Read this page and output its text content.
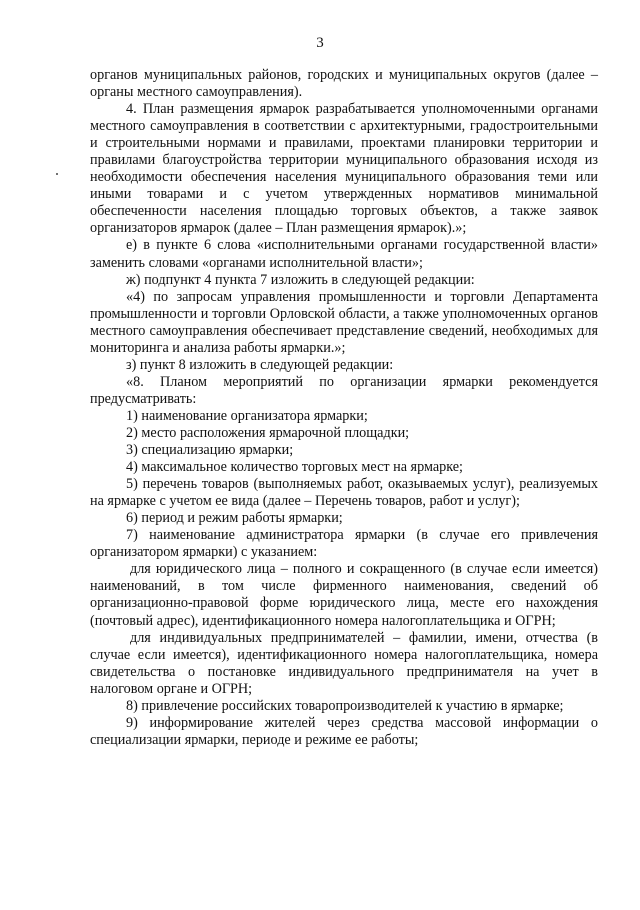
3

органов муниципальных районов, городских и муниципальных округов (далее – органы местного самоуправления).

4. План размещения ярмарок разрабатывается уполномоченными органами местного самоуправления в соответствии с архитектурными, градостроительными и строительными нормами и правилами, проектами планировки территории и правилами благоустройства территории муниципального образования исходя из необходимости обеспечения населения муниципального образования теми или иными товарами и с учетом утвержденных нормативов минимальной обеспеченности населения площадью торговых объектов, а также заявок организаторов ярмарок (далее – План размещения ярмарок).»;

е) в пункте 6 слова «исполнительными органами государственной власти» заменить словами «органами исполнительной власти»;

ж) подпункт 4 пункта 7 изложить в следующей редакции:

«4) по запросам управления промышленности и торговли Департамента промышленности и торговли Орловской области, а также уполномоченных органов местного самоуправления обеспечивает представление сведений, необходимых для мониторинга и анализа работы ярмарки.»;

з) пункт 8 изложить в следующей редакции:

«8. Планом мероприятий по организации ярмарки рекомендуется предусматривать:

1) наименование организатора ярмарки;

2) место расположения ярмарочной площадки;

3) специализацию ярмарки;

4) максимальное количество торговых мест на ярмарке;

5) перечень товаров (выполняемых работ, оказываемых услуг), реализуемых на ярмарке с учетом ее вида (далее – Перечень товаров, работ и услуг);

6) период и режим работы ярмарки;

7) наименование администратора ярмарки (в случае его привлечения организатором ярмарки) с указанием:

для юридического лица – полного и сокращенного (в случае если имеется) наименований, в том числе фирменного наименования, сведений об организационно-правовой форме юридического лица, месте его нахождения (почтовый адрес), идентификационного номера налогоплательщика и ОГРН;

для индивидуальных предпринимателей – фамилии, имени, отчества (в случае если имеется), идентификационного номера налогоплательщика, номера свидетельства о постановке индивидуального предпринимателя на учет в налоговом органе и ОГРН;

8) привлечение российских товаропроизводителей к участию в ярмарке;

9) информирование жителей через средства массовой информации о специализации ярмарки, периоде и режиме ее работы;
